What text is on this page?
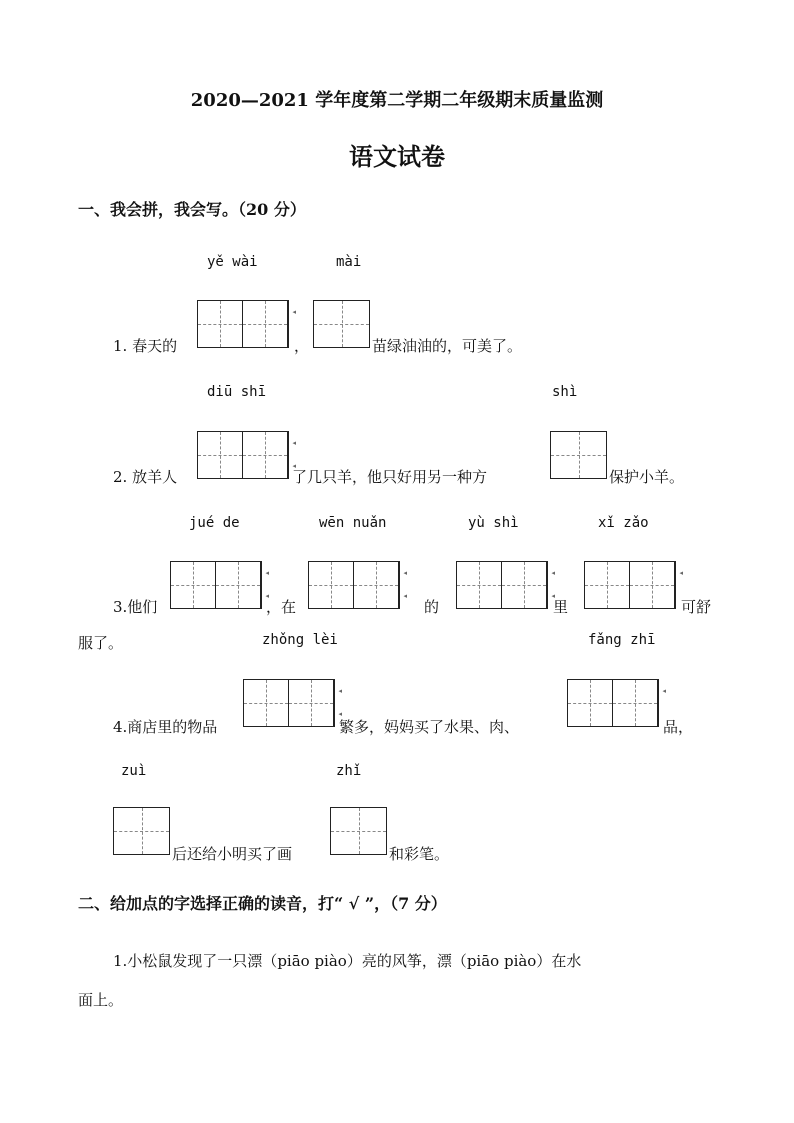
2020—2021 学年度第二学期二年级期末质量监测
语文试卷
一、我会拼，我会写。（20 分）
yě wài	mài
1. 春天的
◂
，	苗绿油油的，可美了。
diū shī	shì
2. 放羊人
◂
◂
了几只羊，他只好用另一种方	保护小羊。
jué de	wēn nuǎn	yù shì	xǐ zǎo
3.他们
◂
◂
，在
◂
◂
的
◂
◂
里
◂
可舒
服了。	zhǒng lèi	fǎng zhī
4.商店里的物品
◂
◂
繁多，妈妈买了水果、肉、
◂
品，
zuì	zhǐ
后还给小明买了画	和彩笔。
二、给加点的字选择正确的读音，打“ √ ”，（7 分）
1.小松鼠发现了一只漂（piāo piào）亮的风筝，漂（piāo piào）在水
面上。
